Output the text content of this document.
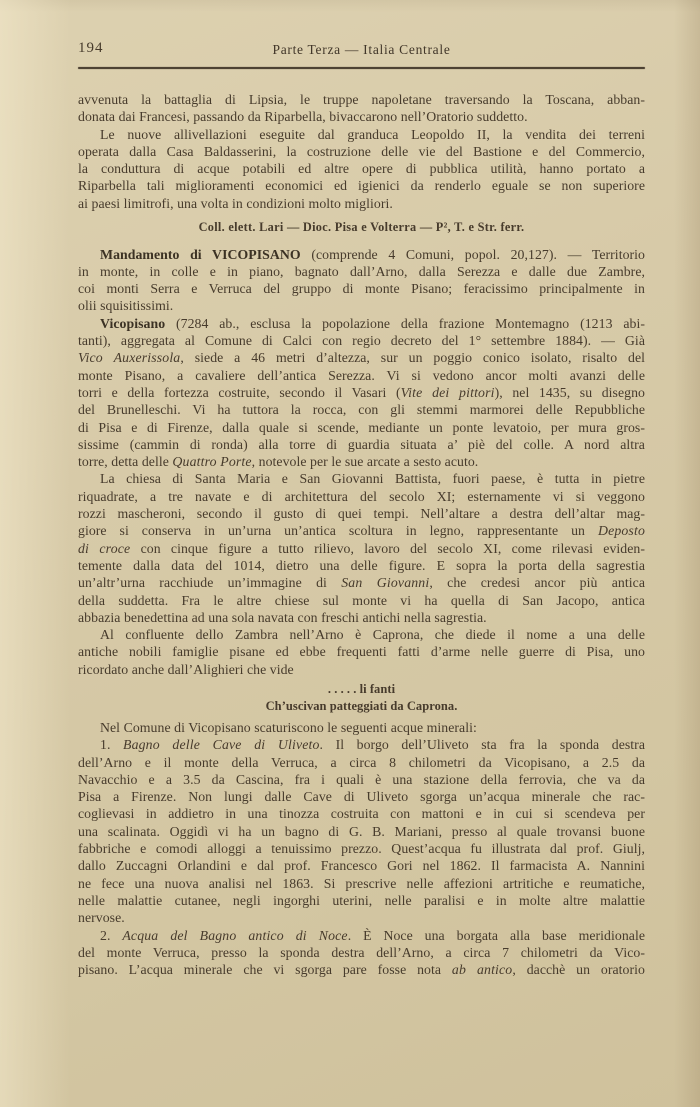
194	Parte Terza — Italia Centrale
avvenuta la battaglia di Lipsia, le truppe napoletane traversando la Toscana, abban-
donata dai Francesi, passando da Riparbella, bivaccarono nell’Oratorio suddetto.
Le nuove allivellazioni eseguite dal granduca Leopoldo II, la vendita dei terreni
operata dalla Casa Baldasserini, la costruzione delle vie del Bastione e del Commercio,
la conduttura di acque potabili ed altre opere di pubblica utilità, hanno portato a
Riparbella tali miglioramenti economici ed igienici da renderlo eguale se non superiore
ai paesi limitrofi, una volta in condizioni molto migliori.
Coll. elett. Lari — Dioc. Pisa e Volterra — P², T. e Str. ferr.
Mandamento di VICOPISANO (comprende 4 Comuni, popol. 20,127). — Territorio
in monte, in colle e in piano, bagnato dall’Arno, dalla Serezza e dalle due Zambre,
coi monti Serra e Verruca del gruppo di monte Pisano; feracissimo principalmente in
olii squisitissimi.
Vicopisano (7284 ab., esclusa la popolazione della frazione Montemagno (1213 abi-
tanti), aggregata al Comune di Calci con regio decreto del 1° settembre 1884). — Già
Vico Auxerissola, siede a 46 metri d’altezza, sur un poggio conico isolato, risalto del
monte Pisano, a cavaliere dell’antica Serezza. Vi si vedono ancor molti avanzi delle
torri e della fortezza costruite, secondo il Vasari (Vite dei pittori), nel 1435, su disegno
del Brunelleschi. Vi ha tuttora la rocca, con gli stemmi marmorei delle Repubbliche
di Pisa e di Firenze, dalla quale si scende, mediante un ponte levatoio, per mura gros-
sissime (cammin di ronda) alla torre di guardia situata a’ piè del colle. A nord altra
torre, detta delle Quattro Porte, notevole per le sue arcate a sesto acuto.
La chiesa di Santa Maria e San Giovanni Battista, fuori paese, è tutta in pietre
riquadrate, a tre navate e di architettura del secolo XI; esternamente vi si veggono
rozzi mascheroni, secondo il gusto di quei tempi. Nell’altare a destra dell’altar mag-
giore si conserva in un’urna un’antica scoltura in legno, rappresentante un Deposto
di croce con cinque figure a tutto rilievo, lavoro del secolo XI, come rilevasi eviden-
temente dalla data del 1014, dietro una delle figure. E sopra la porta della sagrestia
un’altr’urna racchiude un’immagine di San Giovanni, che credesi ancor più antica
della suddetta. Fra le altre chiese sul monte vi ha quella di San Jacopo, antica
abbazia benedettina ad una sola navata con freschi antichi nella sagrestia.
Al confluente dello Zambra nell’Arno è Caprona, che diede il nome a una delle
antiche nobili famiglie pisane ed ebbe frequenti fatti d’arme nelle guerre di Pisa, uno
ricordato anche dall’Alighieri che vide
. . . . . li fanti
Ch’uscivan patteggiati da Caprona.
Nel Comune di Vicopisano scaturiscono le seguenti acque minerali:
1. Bagno delle Cave di Uliveto. Il borgo dell’Uliveto sta fra la sponda destra
dell’Arno e il monte della Verruca, a circa 8 chilometri da Vicopisano, a 2.5 da
Navacchio e a 3.5 da Cascina, fra i quali è una stazione della ferrovia, che va da
Pisa a Firenze. Non lungi dalle Cave di Uliveto sgorga un’acqua minerale che rac-
coglievasi in addietro in una tinozza costruita con mattoni e in cui si scendeva per
una scalinata. Oggidì vi ha un bagno di G. B. Mariani, presso al quale trovansi buone
fabbriche e comodi alloggi a tenuissimo prezzo. Quest’acqua fu illustrata dal prof. Giulj,
dallo Zuccagni Orlandini e dal prof. Francesco Gori nel 1862. Il farmacista A. Nannini
ne fece una nuova analisi nel 1863. Si prescrive nelle affezioni artritiche e reumatiche,
nelle malattie cutanee, negli ingorghi uterini, nelle paralisi e in molte altre malattie
nervose.
2. Acqua del Bagno antico di Noce. È Noce una borgata alla base meridionale
del monte Verruca, presso la sponda destra dell’Arno, a circa 7 chilometri da Vico-
pisano. L’acqua minerale che vi sgorga pare fosse nota ab antico, dacchè un oratorio
